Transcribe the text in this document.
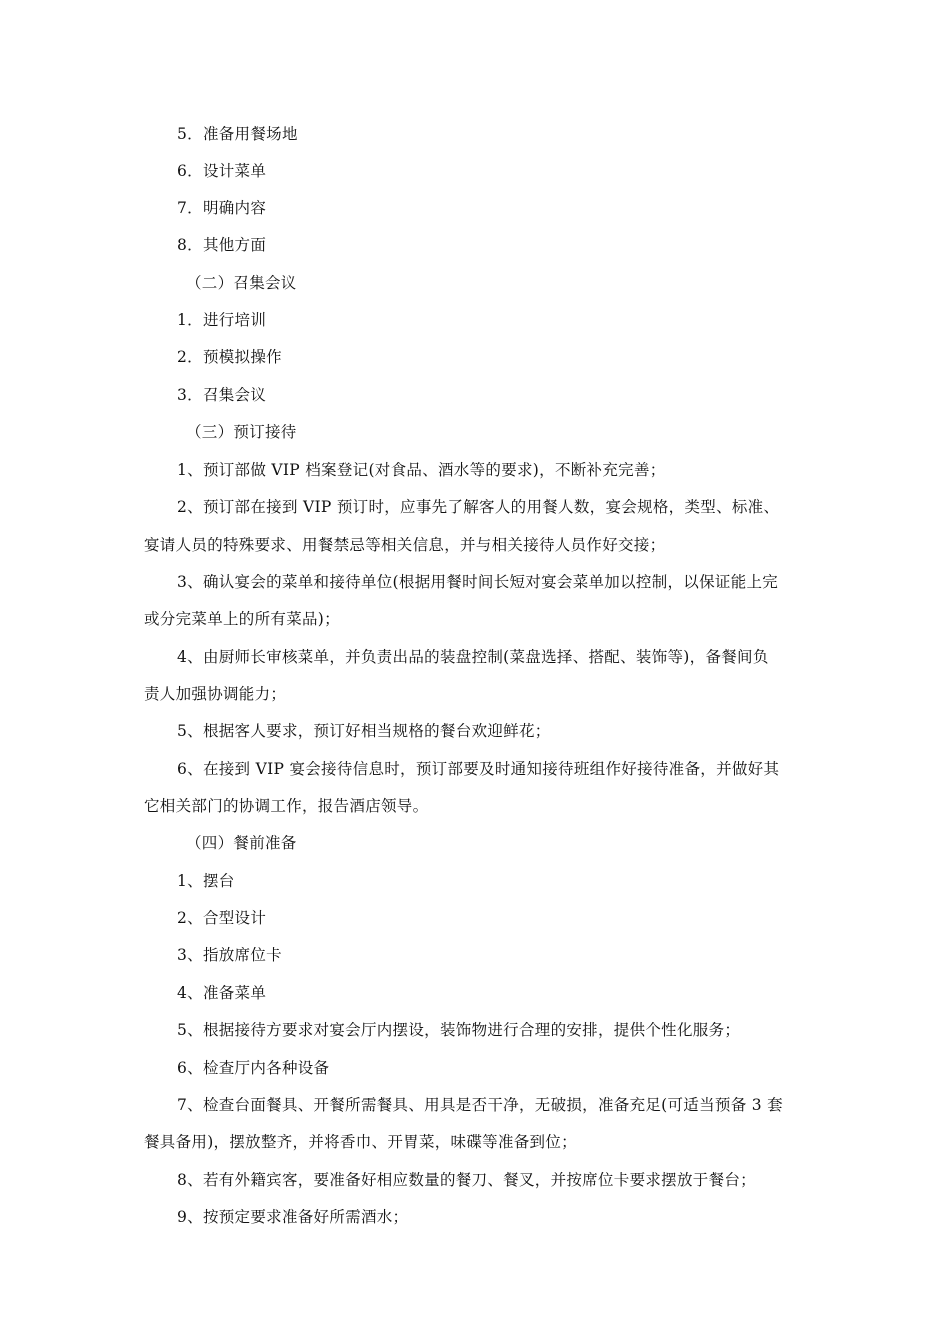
5．准备用餐场地
6．设计菜单
7．明确内容
8．其他方面
（二）召集会议
1．进行培训
2．预模拟操作
3．召集会议
（三）预订接待
1、预订部做 VIP 档案登记(对食品、酒水等的要求)，不断补充完善；
2、预订部在接到 VIP 预订时，应事先了解客人的用餐人数，宴会规格，类型、标准、
宴请人员的特殊要求、用餐禁忌等相关信息，并与相关接待人员作好交接；
3、确认宴会的菜单和接待单位(根据用餐时间长短对宴会菜单加以控制，以保证能上完
或分完菜单上的所有菜品)；
4、由厨师长审核菜单，并负责出品的装盘控制(菜盘选择、搭配、装饰等)，备餐间负
责人加强协调能力；
5、根据客人要求，预订好相当规格的餐台欢迎鲜花；
6、在接到 VIP 宴会接待信息时，预订部要及时通知接待班组作好接待准备，并做好其
它相关部门的协调工作，报告酒店领导。
（四）餐前准备
1、摆台
2、合型设计
3、指放席位卡
4、准备菜单
5、根据接待方要求对宴会厅内摆设，装饰物进行合理的安排，提供个性化服务；
6、检查厅内各种设备
7、检查台面餐具、开餐所需餐具、用具是否干净，无破损，准备充足(可适当预备 3 套
餐具备用)，摆放整齐，并将香巾、开胃菜，味碟等准备到位；
8、若有外籍宾客，要准备好相应数量的餐刀、餐叉，并按席位卡要求摆放于餐台；
9、按预定要求准备好所需酒水；
